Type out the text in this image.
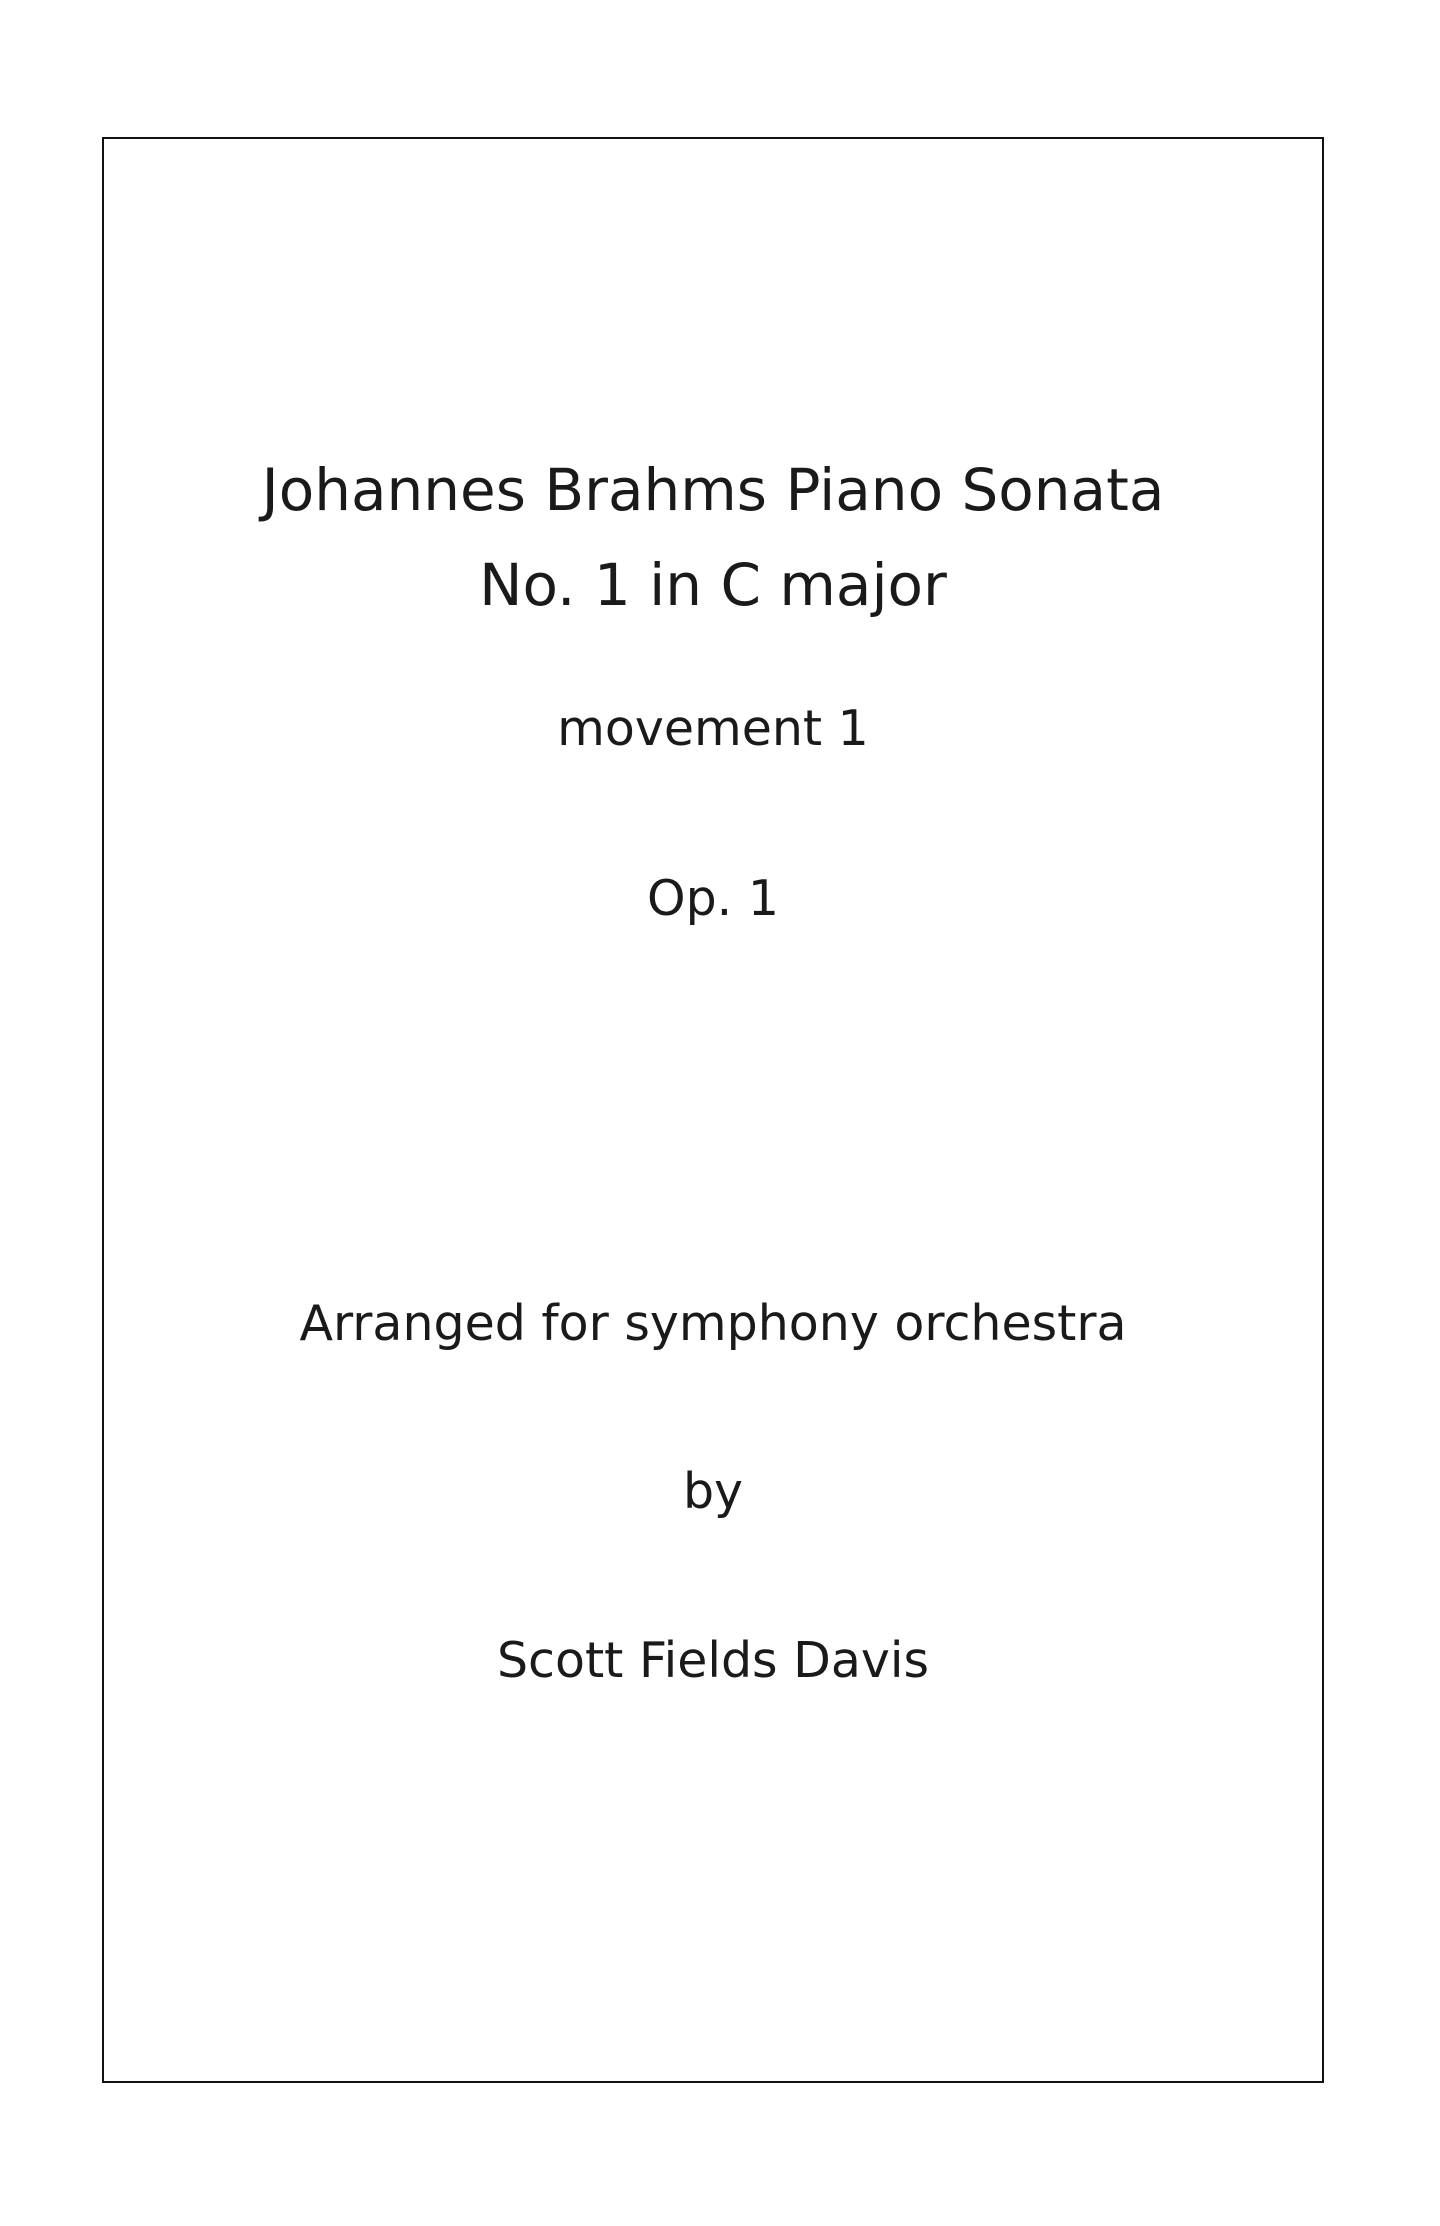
Johannes Brahms Piano Sonata
No. 1 in C major
movement 1
Op. 1
Arranged for symphony orchestra
by
Scott Fields Davis
